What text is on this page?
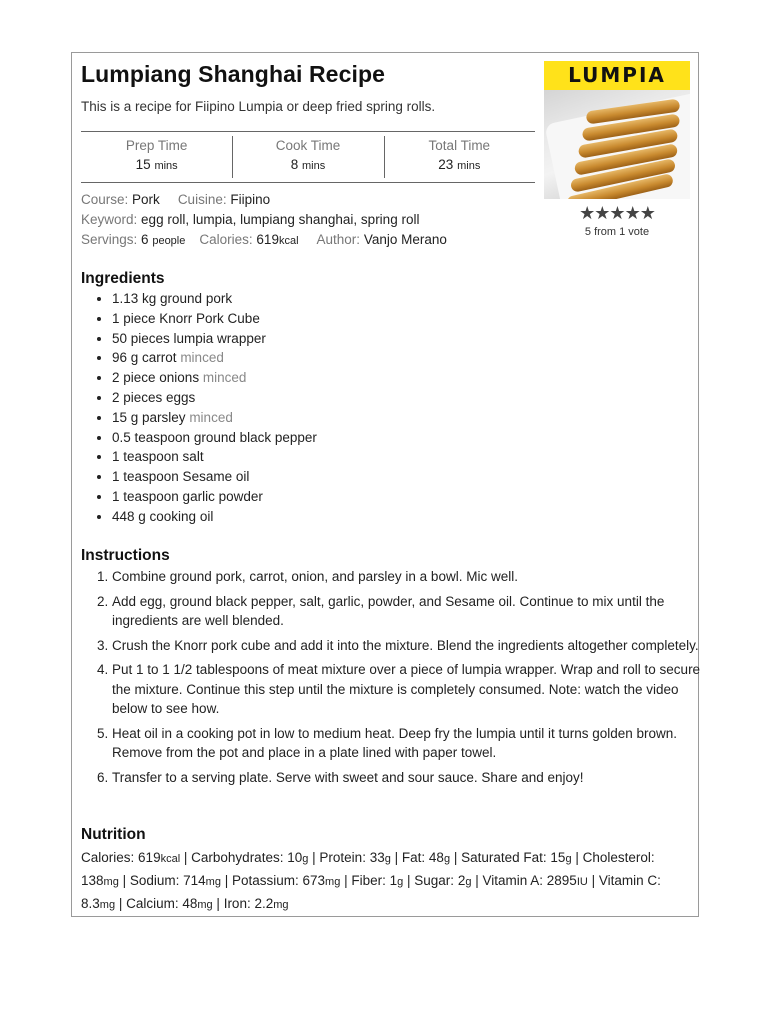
Lumpiang Shanghai Recipe
This is a recipe for Fiipino Lumpia or deep fried spring rolls.
Prep Time
15 mins
Cook Time
8 mins
Total Time
23 mins
Course: Pork Cuisine: Fiipino
Keyword: egg roll, lumpia, lumpiang shanghai, spring roll
Servings: 6 people Calories: 619kcal Author: Vanjo Merano
LUMPIA
★★★★★
5 from 1 vote
Ingredients
• 1.13 kg ground pork
• 1 piece Knorr Pork Cube
• 50 pieces lumpia wrapper
• 96 g carrot minced
• 2 piece onions minced
• 2 pieces eggs
• 15 g parsley minced
• 0.5 teaspoon ground black pepper
• 1 teaspoon salt
• 1 teaspoon Sesame oil
• 1 teaspoon garlic powder
• 448 g cooking oil
Instructions
1. Combine ground pork, carrot, onion, and parsley in a bowl. Mic well.
2. Add egg, ground black pepper, salt, garlic, powder, and Sesame oil. Continue to mix until the ingredients are well blended.
3. Crush the Knorr pork cube and add it into the mixture. Blend the ingredients altogether completely.
4. Put 1 to 1 1/2 tablespoons of meat mixture over a piece of lumpia wrapper. Wrap and roll to secure the mixture. Continue this step until the mixture is completely consumed. Note: watch the video below to see how.
5. Heat oil in a cooking pot in low to medium heat. Deep fry the lumpia until it turns golden brown. Remove from the pot and place in a plate lined with paper towel.
6. Transfer to a serving plate. Serve with sweet and sour sauce. Share and enjoy!
Nutrition

Calories: 619kcal | Carbohydrates: 10g | Protein: 33g | Fat: 48g | Saturated Fat: 15g | Cholesterol: 138mg | Sodium: 714mg | Potassium: 673mg | Fiber: 1g | Sugar: 2g | Vitamin A: 2895IU | Vitamin C: 8.3mg | Calcium: 48mg | Iron: 2.2mg
